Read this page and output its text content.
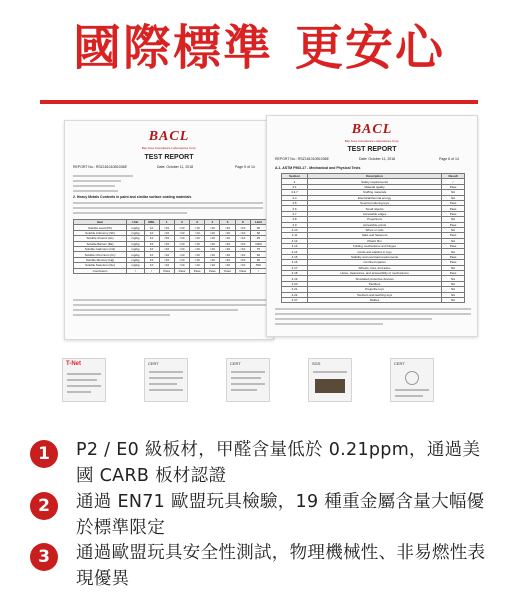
國際標準 更安心
BACL
Bay Area Compliance Laboratories Corp.
TEST REPORT
REPORT No.: RSZ181010B1036E	Date: October 11, 2018	Page 5 of 14
2. Heavy Metals Contents in paint and similar surface coating materials
Item	Unit	MDL	1	2	3	4	5	6	Limit
Soluble Lead (Pb)	mg/kg	10	<10	<10	<10	<10	<10	<10	90
Soluble Antimony (Sb)	mg/kg	10	<10	<10	<10	<10	<10	<10	60
Soluble Arsenic (As)	mg/kg	10	<10	<10	<10	<10	<10	<10	25
Soluble Barium (Ba)	mg/kg	10	<10	<10	<10	<10	<10	<10	1000
Soluble Cadmium (Cd)	mg/kg	10	<10	<10	<10	<10	<10	<10	75
Soluble Chromium (Cr)	mg/kg	10	<10	<10	<10	<10	<10	<10	60
Soluble Mercury (Hg)	mg/kg	10	<10	<10	<10	<10	<10	<10	60
Soluble Selenium (Se)	mg/kg	10	<10	<10	<10	<10	<10	<10	500
Conclusion	/	/	Pass	Pass	Pass	Pass	Pass	Pass	/
BACL
Bay Area Compliance Laboratories Corp.
TEST REPORT
REPORT No.: RSZ181010B1036E	Date: October 11, 2018	Page 6 of 14
A.1. ASTM F963-17 - Mechanical and Physical Tests
Section	Description	Result
4	Safety requirements	/
4.1	Material quality	Pass
4.3.7	Stuffing materials	NA
4.4	Electrical/thermal energy	NA
4.5	Sound producing toys	Pass
4.6	Small objects	Pass
4.7	Accessible edges	Pass
4.8	Projections	NA
4.9	Accessible points	Pass
4.10	Wires or rods	NA
4.11	Nails and fasteners	Pass
4.12	Plastic film	NA
4.13	Folding mechanisms and hinges	Pass
4.14	Cords and elastics in toys	NA
4.15	Stability and overload requirements	Pass
4.16	Confined spaces	Pass
4.17	Wheels, tires, and axles	NA
4.18	Holes, clearances, and accessibility of mechanisms	Pass
4.19	Simulated protective devices	NA
4.20	Pacifiers	NA
4.21	Projectile toys	NA
4.22	Teethers and teething toys	NA
4.27	Rattles	NA
T-Net	CERT	CERT	SGS	CERT
1	P2 / E0 級板材，甲醛含量低於 0.21ppm，通過美國 CARB 板材認證
2	通過 EN71 歐盟玩具檢驗，19 種重金屬含量大幅優於標準限定
3	通過歐盟玩具安全性測試，物理機械性、非易燃性表現優異
